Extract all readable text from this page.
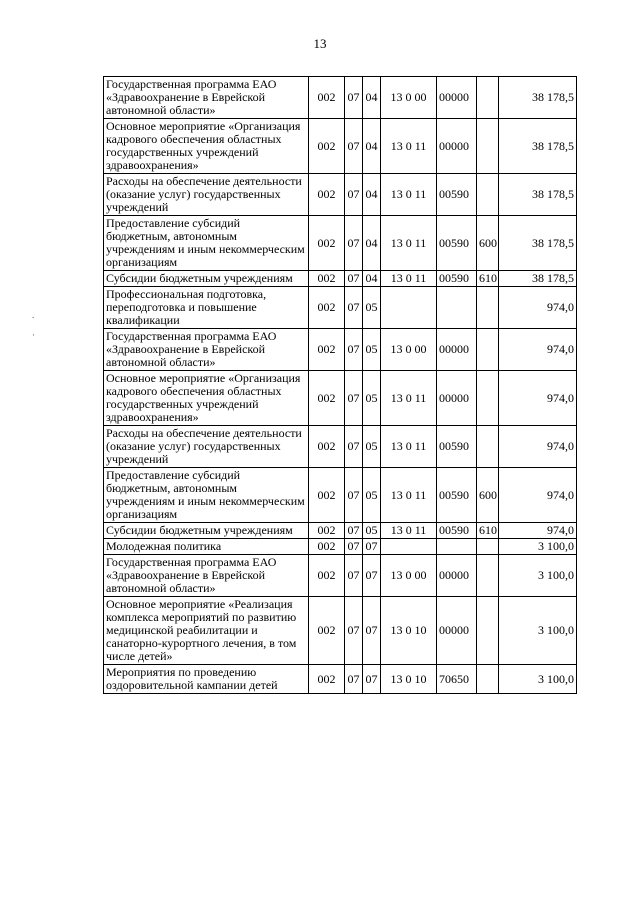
13
.

·
Государственная программа ЕАО «Здравоохранение в Еврейской автономной области»	002	07	04	13 0 00	00000		38 178,5
Основное мероприятие «Организация кадрового обеспечения областных государственных учреждений здравоохранения»	002	07	04	13 0 11	00000		38 178,5
Расходы на обеспечение деятельности (оказание услуг) государственных учреждений	002	07	04	13 0 11	00590		38 178,5
Предоставление субсидий бюджетным, автономным учреждениям и иным некоммерческим организациям	002	07	04	13 0 11	00590	600	38 178,5
Субсидии бюджетным учреждениям	002	07	04	13 0 11	00590	610	38 178,5
Профессиональная подготовка, переподготовка и повышение квалификации	002	07	05				974,0
Государственная программа ЕАО «Здравоохранение в Еврейской автономной области»	002	07	05	13 0 00	00000		974,0
Основное мероприятие «Организация кадрового обеспечения областных государственных учреждений здравоохранения»	002	07	05	13 0 11	00000		974,0
Расходы на обеспечение деятельности (оказание услуг) государственных учреждений	002	07	05	13 0 11	00590		974,0
Предоставление субсидий бюджетным, автономным учреждениям и иным некоммерческим организациям	002	07	05	13 0 11	00590	600	974,0
Субсидии бюджетным учреждениям	002	07	05	13 0 11	00590	610	974,0
Молодежная политика	002	07	07				3 100,0
Государственная программа ЕАО «Здравоохранение в Еврейской автономной области»	002	07	07	13 0 00	00000		3 100,0
Основное мероприятие «Реализация комплекса мероприятий по развитию медицинской реабилитации и санаторно-курортного лечения, в том числе детей»	002	07	07	13 0 10	00000		3 100,0
Мероприятия по проведению оздоровительной кампании детей	002	07	07	13 0 10	70650		3 100,0
